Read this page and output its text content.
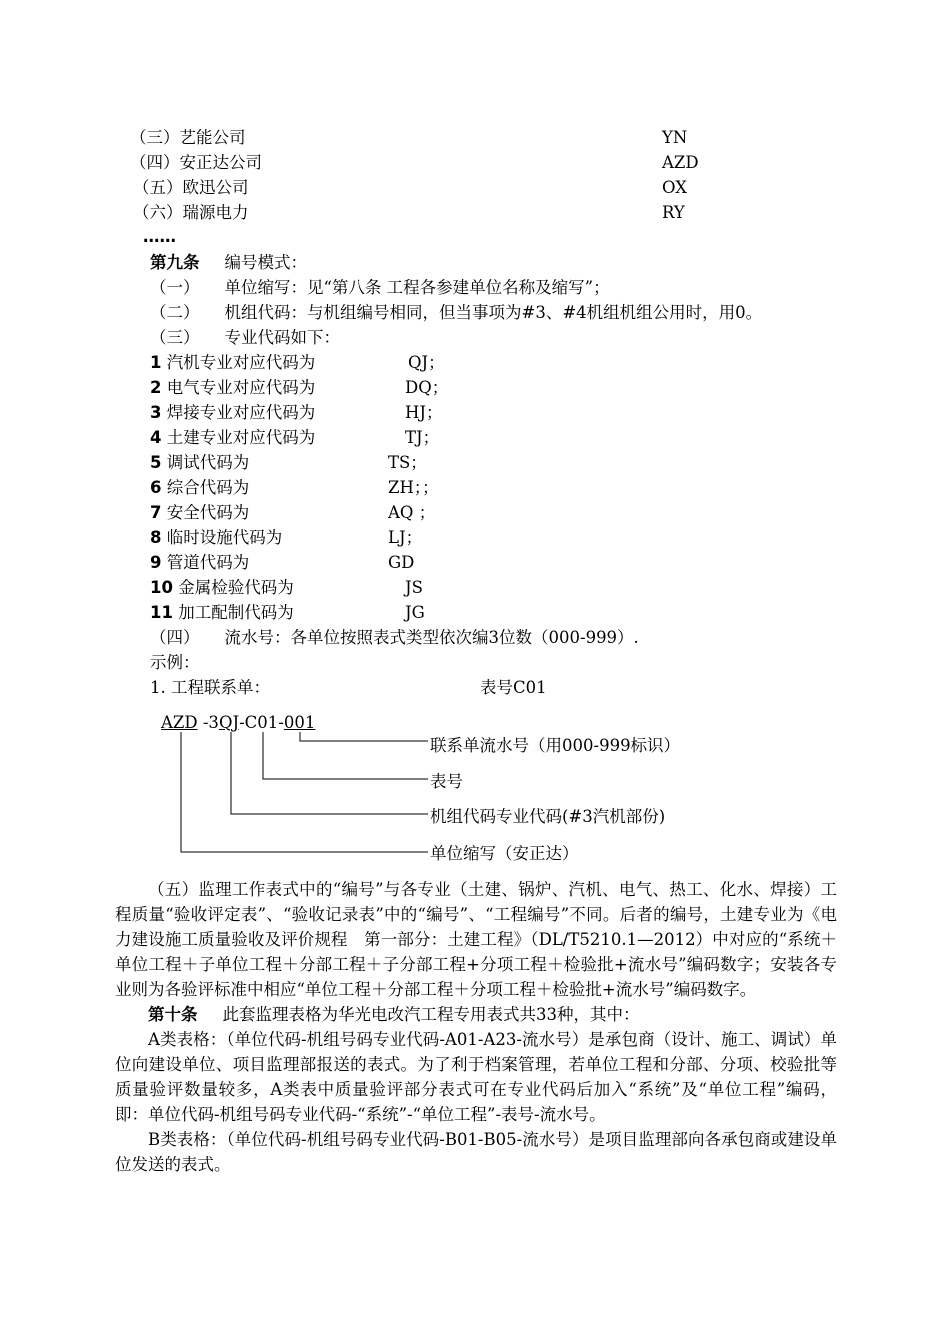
（三）艺能公司	YN
（四）安正达公司	AZD
（五）欧迅公司	OX
（六）瑞源电力	RY
……
第九条 编号模式：
（一） 单位缩写：见“第八条 工程各参建单位名称及缩写”；
（二） 机组代码：与机组编号相同，但当事项为#3、#4机组机组公用时，用0。
（三） 专业代码如下：
1 汽机专业对应代码为	QJ；
2 电气专业对应代码为	DQ；
3 焊接专业对应代码为	HJ；
4 土建专业对应代码为	TJ；
5 调试代码为	TS；
6 综合代码为	ZH；；
7 安全代码为	AQ ；
8 临时设施代码为	LJ；
9 管道代码为	GD
10 金属检验代码为	JS
11 加工配制代码为	JG
（四） 流水号：各单位按照表式类型依次编3位数（000-999）.
示例：
1. 工程联系单：	表号C01
AZD -3QJ-C01-001
联系单流水号（用000-999标识）
表号
机组代码专业代码(#3汽机部份)
单位缩写（安正达）

（五）监理工作表式中的“编号”与各专业（土建、锅炉、汽机、电气、热工、化水、焊接）工程质量“验收评定表”、“验收记录表”中的“编号”、“工程编号”不同。后者的编号，土建专业为《电力建设施工质量验收及评价规程　第一部分：土建工程》（DL/T5210.1—2012）中对应的“系统＋单位工程＋子单位工程＋分部工程＋子分部工程+分项工程＋检验批+流水号”编码数字；安装各专业则为各验评标准中相应“单位工程＋分部工程＋分项工程＋检验批+流水号”编码数字。

第十条 此套监理表格为华光电改汽工程专用表式共33种，其中：

A类表格：（单位代码-机组号码专业代码-A01-A23-流水号）是承包商（设计、施工、调试）单位向建设单位、项目监理部报送的表式。为了利于档案管理，若单位工程和分部、分项、校验批等质量验评数量较多，A类表中质量验评部分表式可在专业代码后加入“系统”及“单位工程”编码，即：单位代码-机组号码专业代码-“系统”-“单位工程”-表号-流水号。

B类表格：（单位代码-机组号码专业代码-B01-B05-流水号）是项目监理部向各承包商或建设单位发送的表式。
